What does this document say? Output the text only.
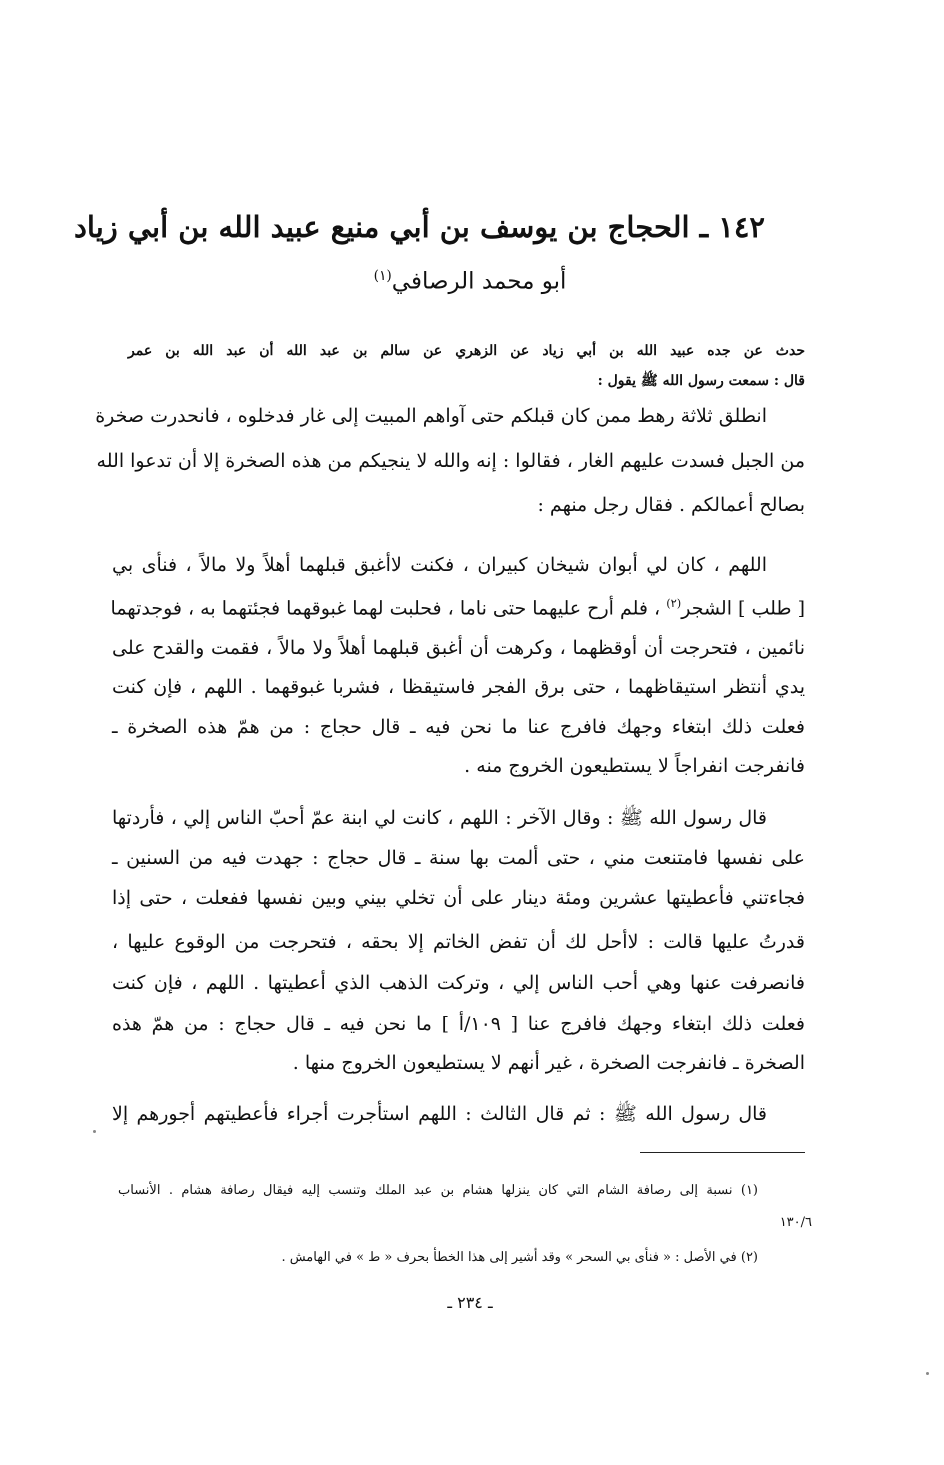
١٤٢ ـ الحجاج بن يوسف بن أبي منيع عبيد الله بن أبي زياد
أبو محمد الرصافي$^{(١)}$
حدث عن جده عبيد الله بن أبي زياد عن الزهري عن سالم بن عبد الله أن عبد الله بن عمر
قال : سمعت رسول الله ﷺ يقول :
انطلق ثلاثة رهط ممن كان قبلكم حتى آواهم المبيت إلى غار فدخلوه ، فانحدرت صخرة
من الجبل فسدت عليهم الغار ، فقالوا : إنه والله لا ينجيكم من هذه الصخرة إلا أن تدعوا الله
بصالح أعمالكم . فقال رجل منهم :
اللهم ، كان لي أبوان شيخان كبيران ، فكنت لاأغبق قبلهما أهلاً ولا مالاً ، فنأى بي
[ طلب ] الشجر$^{(٢)}$ ، فلم أرح عليهما حتى ناما ، فحلبت لهما غبوقهما فجئتهما به ، فوجدتهما
نائمين ، فتحرجت أن أوقظهما ، وكرهت أن أغبق قبلهما أهلاً ولا مالاً ، فقمت والقدح على
يدي أنتظر استيقاظهما ، حتى برق الفجر فاستيقظا ، فشربا غبوقهما . اللهم ، فإن كنت
فعلت ذلك ابتغاء وجهك فافرج عنا ما نحن فيه ـ قال حجاج : من همّ هذه الصخرة ـ
فانفرجت انفراجاً لا يستطيعون الخروج منه .
قال رسول الله ﷺ : وقال الآخر : اللهم ، كانت لي ابنة عمّ أحبّ الناس إلي ، فأردتها
على نفسها فامتنعت مني ، حتى ألمت بها سنة ـ قال حجاج : جهدت فيه من السنين ـ
فجاءتني فأعطيتها عشرين ومئة دينار على أن تخلي بيني وبين نفسها ففعلت ، حتى إذا
قدرتُ عليها قالت : لاأحل لك أن تفض الخاتم إلا بحقه ، فتحرجت من الوقوع عليها ،
فانصرفت عنها وهي أحب الناس إلي ، وتركت الذهب الذي أعطيتها . اللهم ، فإن كنت
فعلت ذلك ابتغاء وجهك فافرج عنا [ ١٠٩/أ ] ما نحن فيه ـ قال حجاج : من همّ هذه
الصخرة ـ فانفرجت الصخرة ، غير أنهم لا يستطيعون الخروج منها .
قال رسول الله ﷺ : ثم قال الثالث : اللهم استأجرت أجراء فأعطيتهم أجورهم إلا
(١) نسبة إلى رصافة الشام التي كان ينزلها هشام بن عبد الملك وتنسب إليه فيقال رصافة هشام . الأنساب
١٣٠/٦
(٢) في الأصل : « فنأى بي السحر » وقد أشير إلى هذا الخطأ بحرف « ط » في الهامش .
ـ ٢٣٤ ـ
